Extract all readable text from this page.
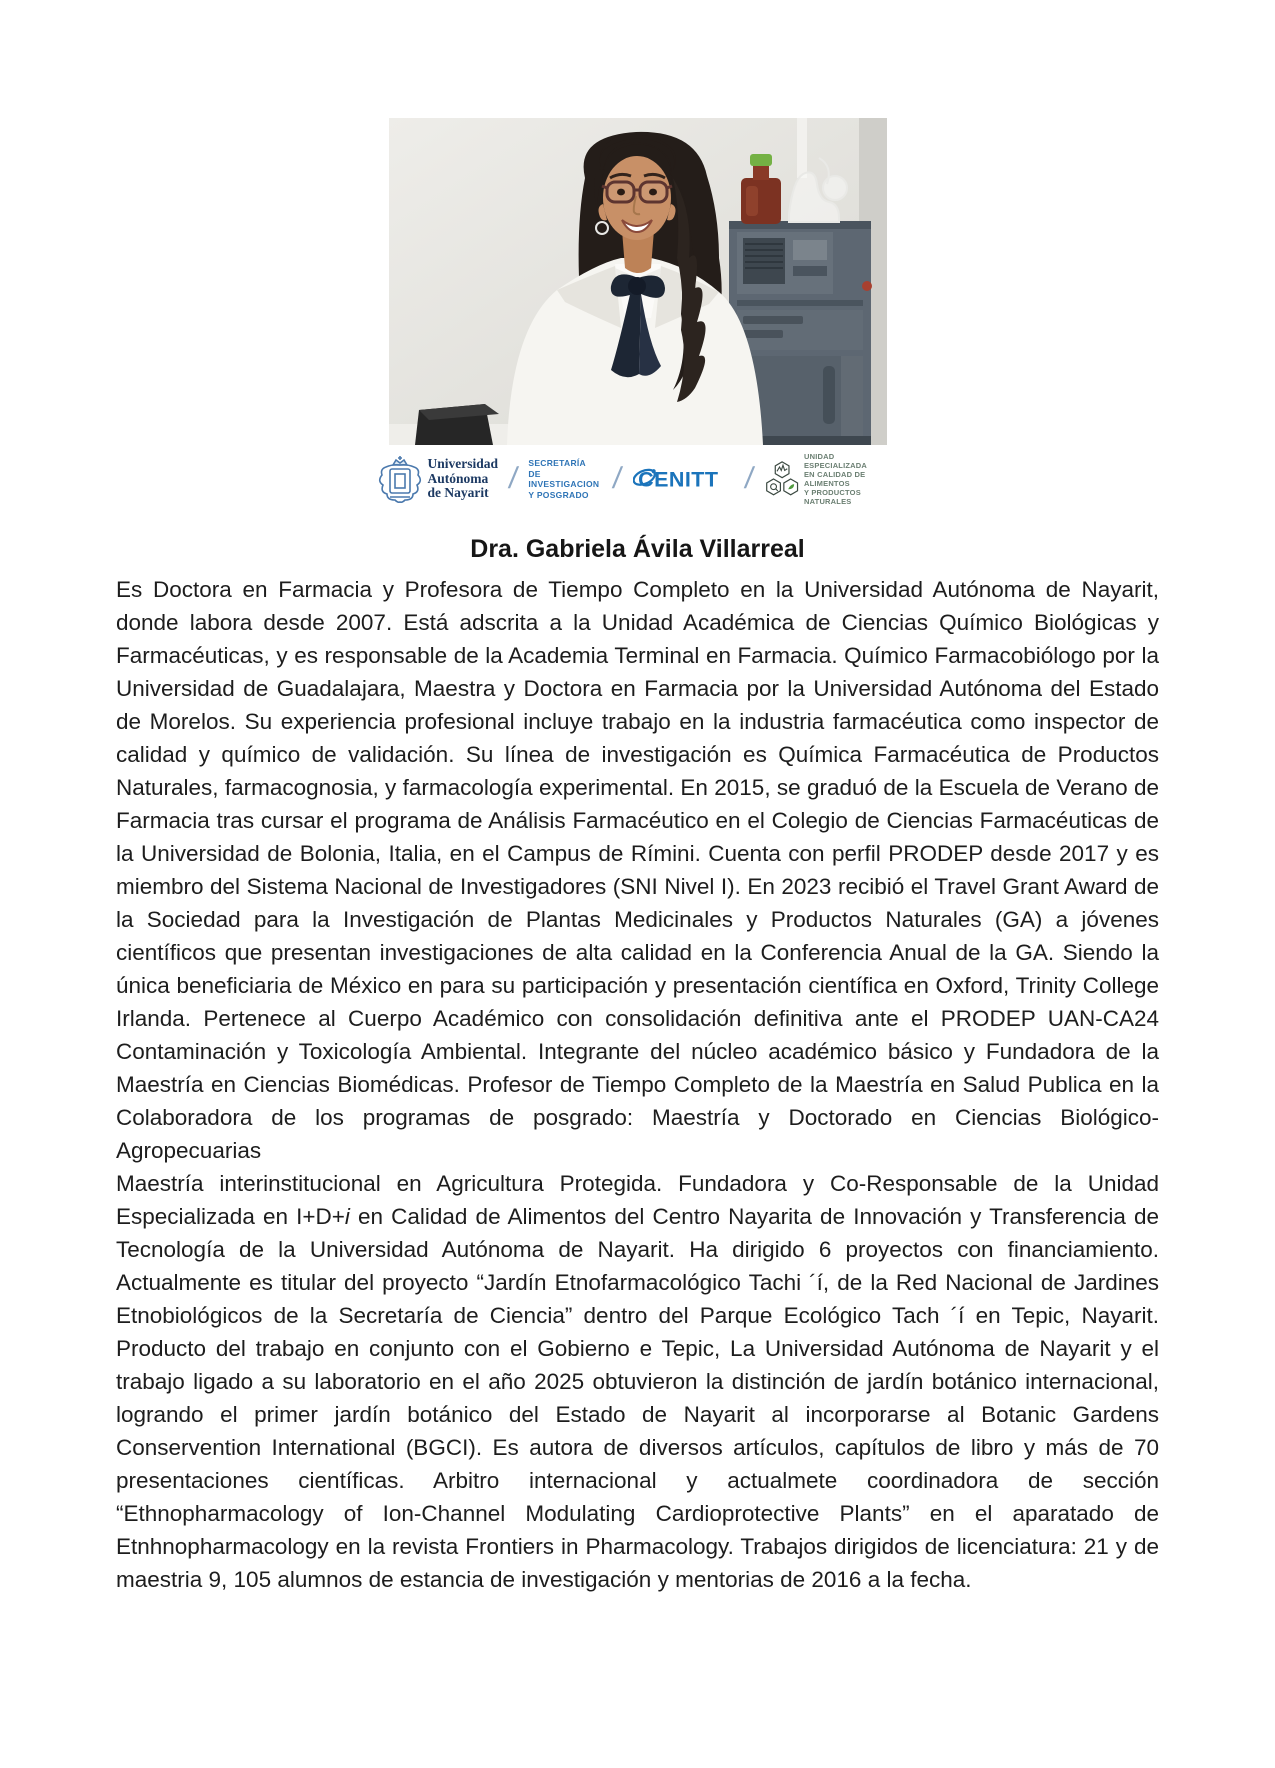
Universidad
Autónoma
de Nayarit / SECRETARÍA
DE INVESTIGACION
Y POSGRADO / CENITT /
UNIDAD ESPECIALIZADA
EN CALIDAD DE ALIMENTOS
Y PRODUCTOS NATURALES
Dra. Gabriela Ávila Villarreal

Es Doctora en Farmacia y Profesora de Tiempo Completo en la Universidad Autónoma de Nayarit, donde labora desde 2007. Está adscrita a la Unidad Académica de Ciencias Químico Biológicas y Farmacéuticas, y es responsable de la Academia Terminal en Farmacia. Químico Farmacobiólogo por la Universidad de Guadalajara, Maestra y Doctora en Farmacia por la Universidad Autónoma del Estado de Morelos. Su experiencia profesional incluye trabajo en la industria farmacéutica como inspector de calidad y químico de validación. Su línea de investigación es Química Farmacéutica de Productos Naturales, farmacognosia, y farmacología experimental. En 2015, se graduó de la Escuela de Verano de Farmacia tras cursar el programa de Análisis Farmacéutico en el Colegio de Ciencias Farmacéuticas de la Universidad de Bolonia, Italia, en el Campus de Rímini. Cuenta con perfil PRODEP desde 2017 y es miembro del Sistema Nacional de Investigadores (SNI Nivel I). En 2023 recibió el Travel Grant Award de la Sociedad para la Investigación de Plantas Medicinales y Productos Naturales (GA) a jóvenes científicos que presentan investigaciones de alta calidad en la Conferencia Anual de la GA. Siendo la única beneficiaria de México en para su participación y presentación científica en Oxford, Trinity College Irlanda. Pertenece al Cuerpo Académico con consolidación definitiva ante el PRODEP UAN-CA24 Contaminación y Toxicología Ambiental. Integrante del núcleo académico básico y Fundadora de la Maestría en Ciencias Biomédicas. Profesor de Tiempo Completo de la Maestría en Salud Publica en la Colaboradora de los programas de posgrado: Maestría y Doctorado en Ciencias Biológico-Agropecuarias

Maestría interinstitucional en Agricultura Protegida. Fundadora y Co-Responsable de la Unidad Especializada en I+D+i en Calidad de Alimentos del Centro Nayarita de Innovación y Transferencia de Tecnología de la Universidad Autónoma de Nayarit. Ha dirigido 6 proyectos con financiamiento. Actualmente es titular del proyecto “Jardín Etnofarmacológico Tachi ´í, de la Red Nacional de Jardines Etnobiológicos de la Secretaría de Ciencia” dentro del Parque Ecológico Tach ´í en Tepic, Nayarit. Producto del trabajo en conjunto con el Gobierno e Tepic, La Universidad Autónoma de Nayarit y el trabajo ligado a su laboratorio en el año 2025 obtuvieron la distinción de jardín botánico internacional, logrando el primer jardín botánico del Estado de Nayarit al incorporarse al Botanic Gardens Conservention International (BGCI). Es autora de diversos artículos, capítulos de libro y más de 70 presentaciones científicas. Arbitro internacional y actualmete coordinadora de sección “Ethnopharmacology of Ion-Channel Modulating Cardioprotective Plants” en el aparatado de Etnhnopharmacology en la revista Frontiers in Pharmacology. Trabajos dirigidos de licenciatura: 21 y de maestria 9, 105 alumnos de estancia de investigación y mentorias de 2016 a la fecha.
